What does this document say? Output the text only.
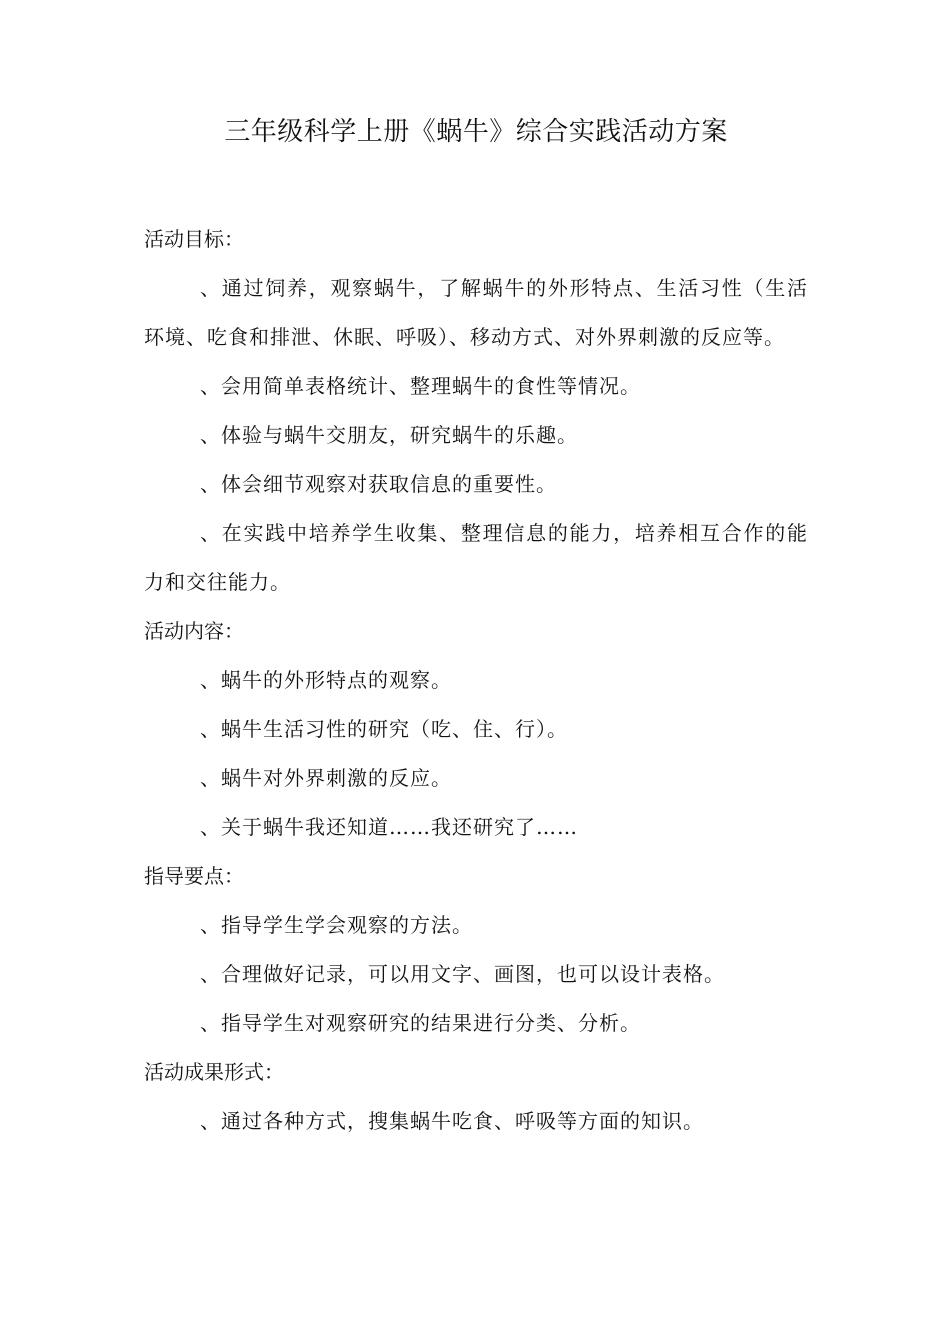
三年级科学上册《蜗牛》综合实践活动方案

活动目标：

、通过饲养，观察蜗牛，了解蜗牛的外形特点、生活习性（生活环境、吃食和排泄、休眠、呼吸）、移动方式、对外界刺激的反应等。

、会用简单表格统计、整理蜗牛的食性等情况。

、体验与蜗牛交朋友，研究蜗牛的乐趣。

、体会细节观察对获取信息的重要性。

、在实践中培养学生收集、整理信息的能力，培养相互合作的能力和交往能力。

活动内容：

、蜗牛的外形特点的观察。

、蜗牛生活习性的研究（吃、住、行）。

、蜗牛对外界刺激的反应。

、关于蜗牛我还知道……我还研究了……

指导要点：

、指导学生学会观察的方法。

、合理做好记录，可以用文字、画图，也可以设计表格。

、指导学生对观察研究的结果进行分类、分析。

活动成果形式：

、通过各种方式，搜集蜗牛吃食、呼吸等方面的知识。
